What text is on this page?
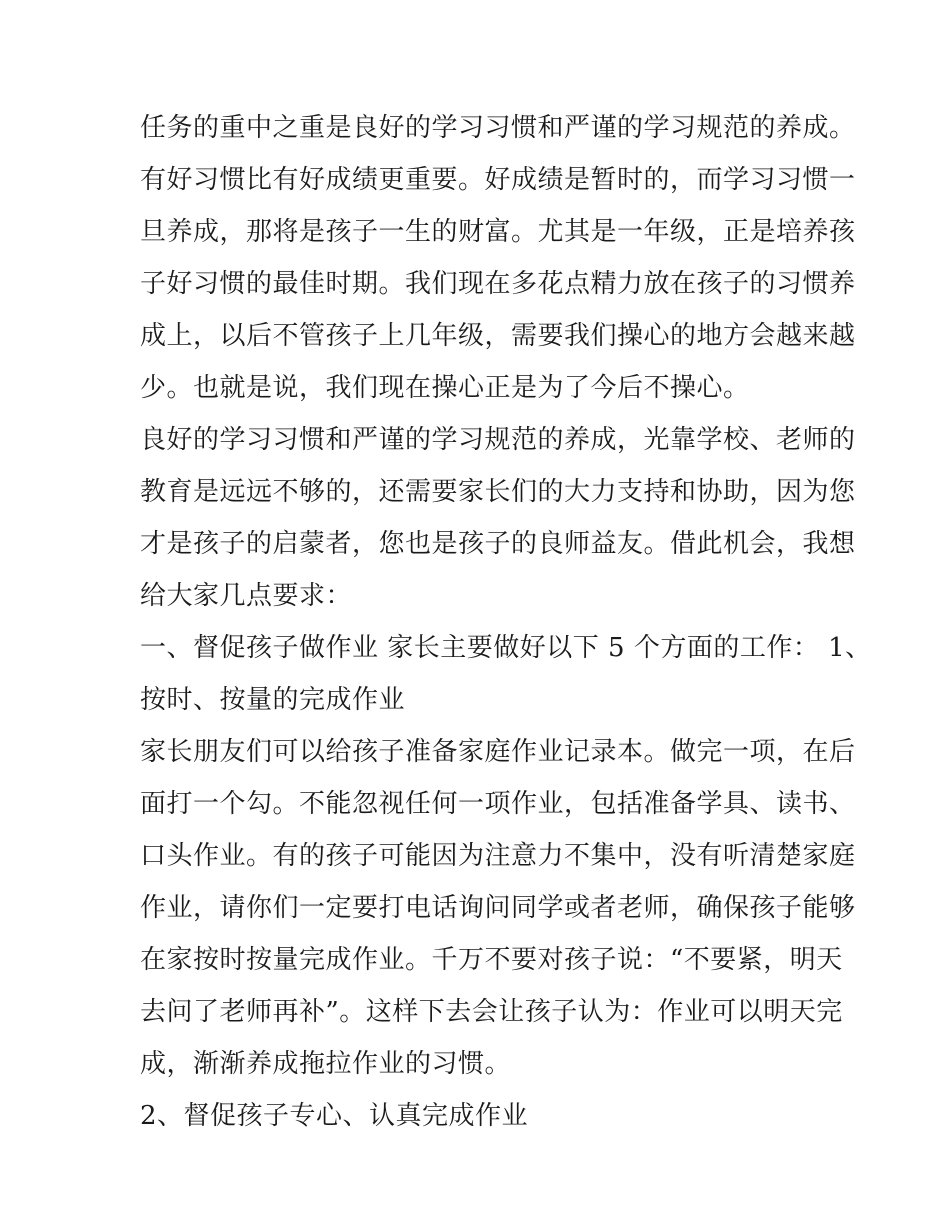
任务的重中之重是良好的学习习惯和严谨的学习规范的养成。

有好习惯比有好成绩更重要。好成绩是暂时的，而学习习惯一

旦养成，那将是孩子一生的财富。尤其是一年级，正是培养孩

子好习惯的最佳时期。我们现在多花点精力放在孩子的习惯养

成上，以后不管孩子上几年级，需要我们操心的地方会越来越

少。也就是说，我们现在操心正是为了今后不操心。

良好的学习习惯和严谨的学习规范的养成，光靠学校、老师的

教育是远远不够的，还需要家长们的大力支持和协助，因为您

才是孩子的启蒙者，您也是孩子的良师益友。借此机会，我想

给大家几点要求：

一、督促孩子做作业 家长主要做好以下 5 个方面的工作： 1、

按时、按量的完成作业

家长朋友们可以给孩子准备家庭作业记录本。做完一项，在后

面打一个勾。不能忽视任何一项作业，包括准备学具、读书、

口头作业。有的孩子可能因为注意力不集中，没有听清楚家庭

作业，请你们一定要打电话询问同学或者老师，确保孩子能够

在家按时按量完成作业。千万不要对孩子说：“不要紧，明天

去问了老师再补”。这样下去会让孩子认为：作业可以明天完

成，渐渐养成拖拉作业的习惯。

2、督促孩子专心、认真完成作业
